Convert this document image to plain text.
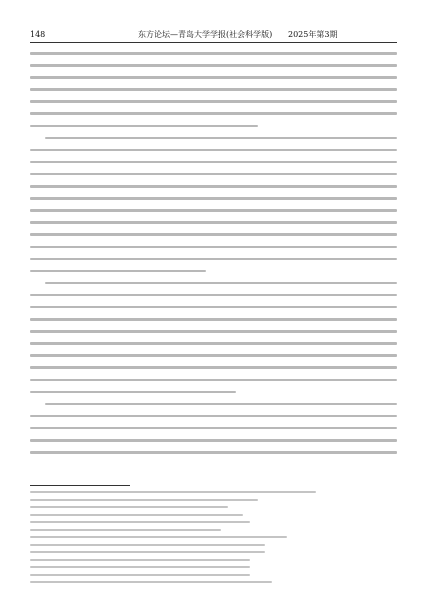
148	东方论坛—青岛大学学报(社会科学版) 2025年第3期
